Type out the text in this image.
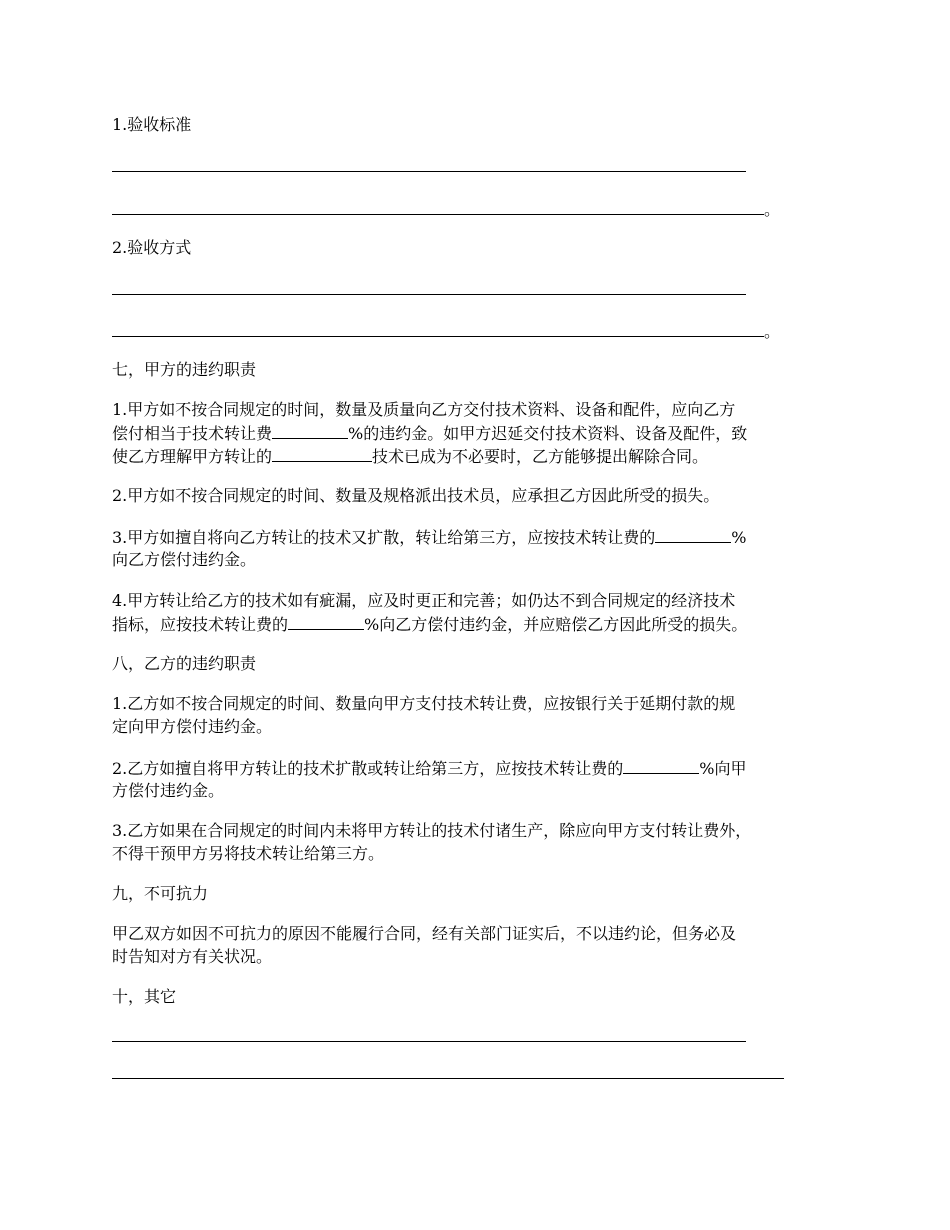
1.验收标准

。

2.验收方式

。

七，甲方的违约职责

1.甲方如不按合同规定的时间，数量及质量向乙方交付技术资料、设备和配件，应向乙方

偿付相当于技术转让费	%的违约金。如甲方迟延交付技术资料、设备及配件，致

使乙方理解甲方转让的	技术已成为不必要时，乙方能够提出解除合同。

2.甲方如不按合同规定的时间、数量及规格派出技术员，应承担乙方因此所受的损失。

3.甲方如擅自将向乙方转让的技术又扩散，转让给第三方，应按技术转让费的	%

向乙方偿付违约金。

4.甲方转让给乙方的技术如有疵漏，应及时更正和完善；如仍达不到合同规定的经济技术

指标，应按技术转让费的	%向乙方偿付违约金，并应赔偿乙方因此所受的损失。

八，乙方的违约职责

1.乙方如不按合同规定的时间、数量向甲方支付技术转让费，应按银行关于延期付款的规

定向甲方偿付违约金。

2.乙方如擅自将甲方转让的技术扩散或转让给第三方，应按技术转让费的	%向甲

方偿付违约金。

3.乙方如果在合同规定的时间内未将甲方转让的技术付诸生产，除应向甲方支付转让费外，

不得干预甲方另将技术转让给第三方。

九，不可抗力

甲乙双方如因不可抗力的原因不能履行合同，经有关部门证实后，不以违约论，但务必及

时告知对方有关状况。

十，其它
